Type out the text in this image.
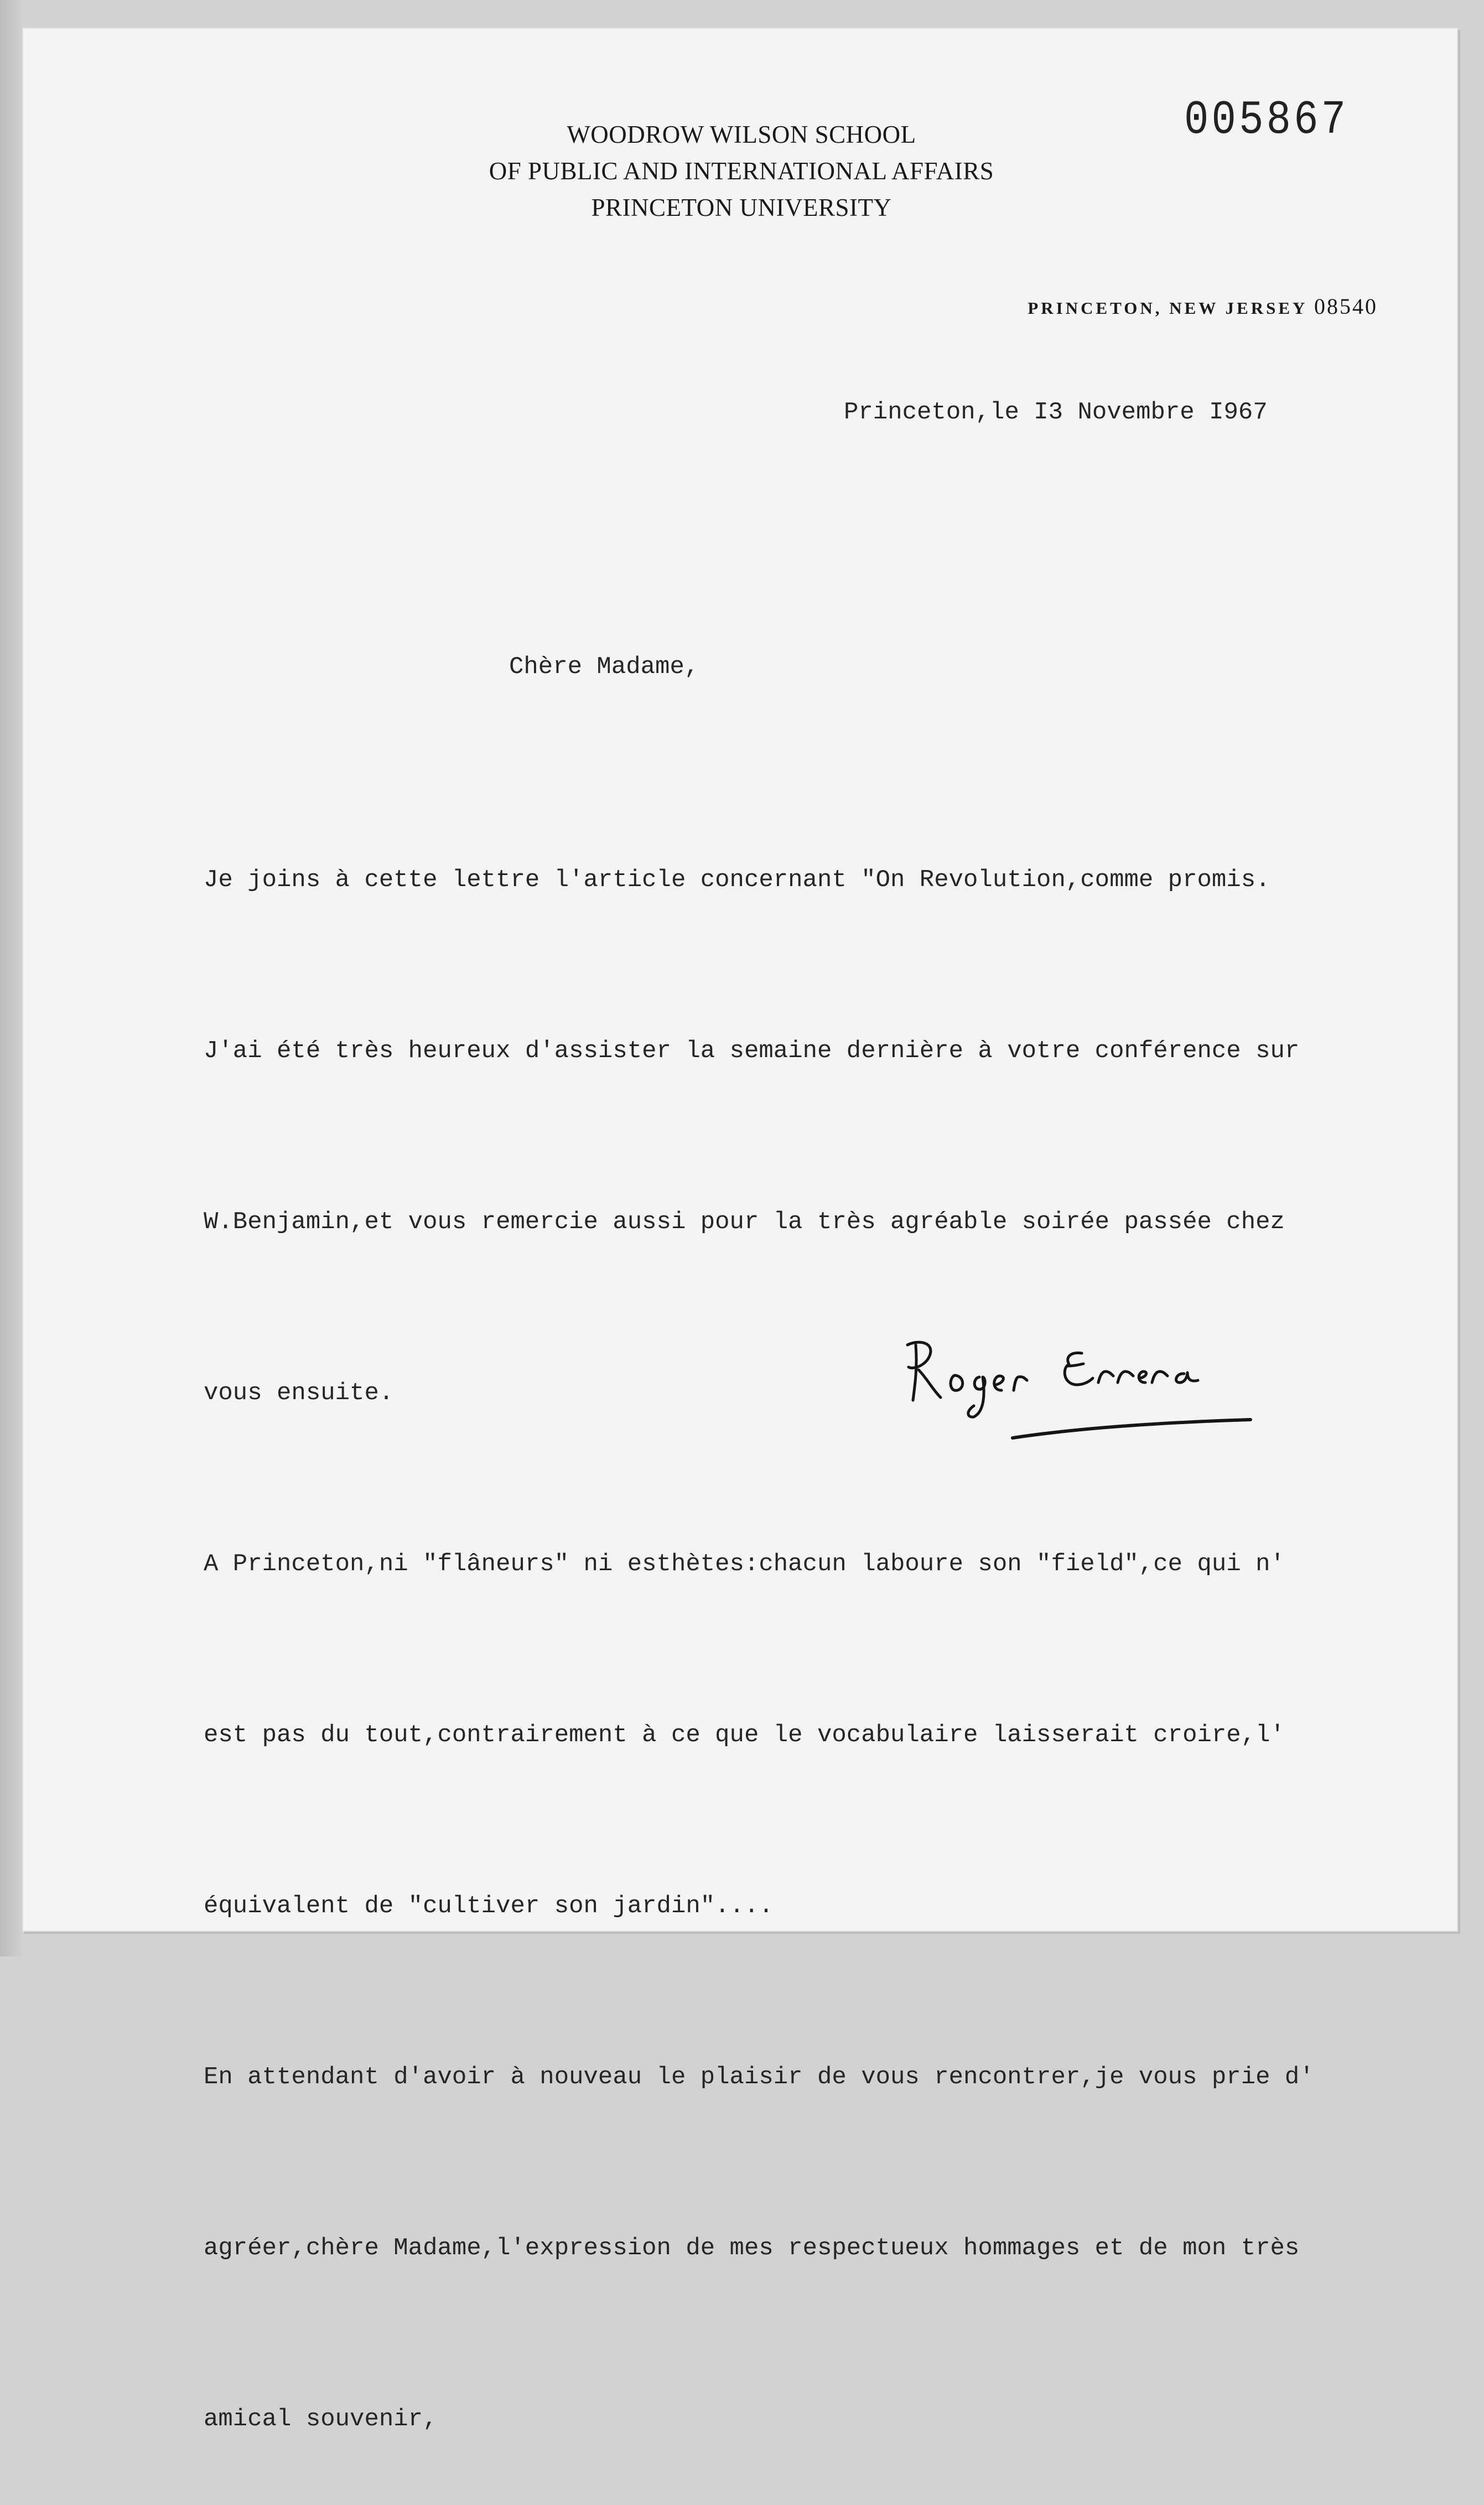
005867
WOODROW WILSON SCHOOL
OF PUBLIC AND INTERNATIONAL AFFAIRS
PRINCETON UNIVERSITY
PRINCETON, NEW JERSEY 08540
Princeton,le I3 Novembre I967
Chère Madame,

Je joins à cette lettre l'article concernant "On Revolution,comme promis.

J'ai été très heureux d'assister la semaine dernière à votre conférence sur

W.Benjamin,et vous remercie aussi pour la très agréable soirée passée chez

vous ensuite.

A Princeton,ni "flâneurs" ni esthètes:chacun laboure son "field",ce qui n'

est pas du tout,contrairement à ce que le vocabulaire laisserait croire,l'

équivalent de "cultiver son jardin"....

En attendant d'avoir à nouveau le plaisir de vous rencontrer,je vous prie d'

agréer,chère Madame,l'expression de mes respectueux hommages et de mon très

amical souvenir,
